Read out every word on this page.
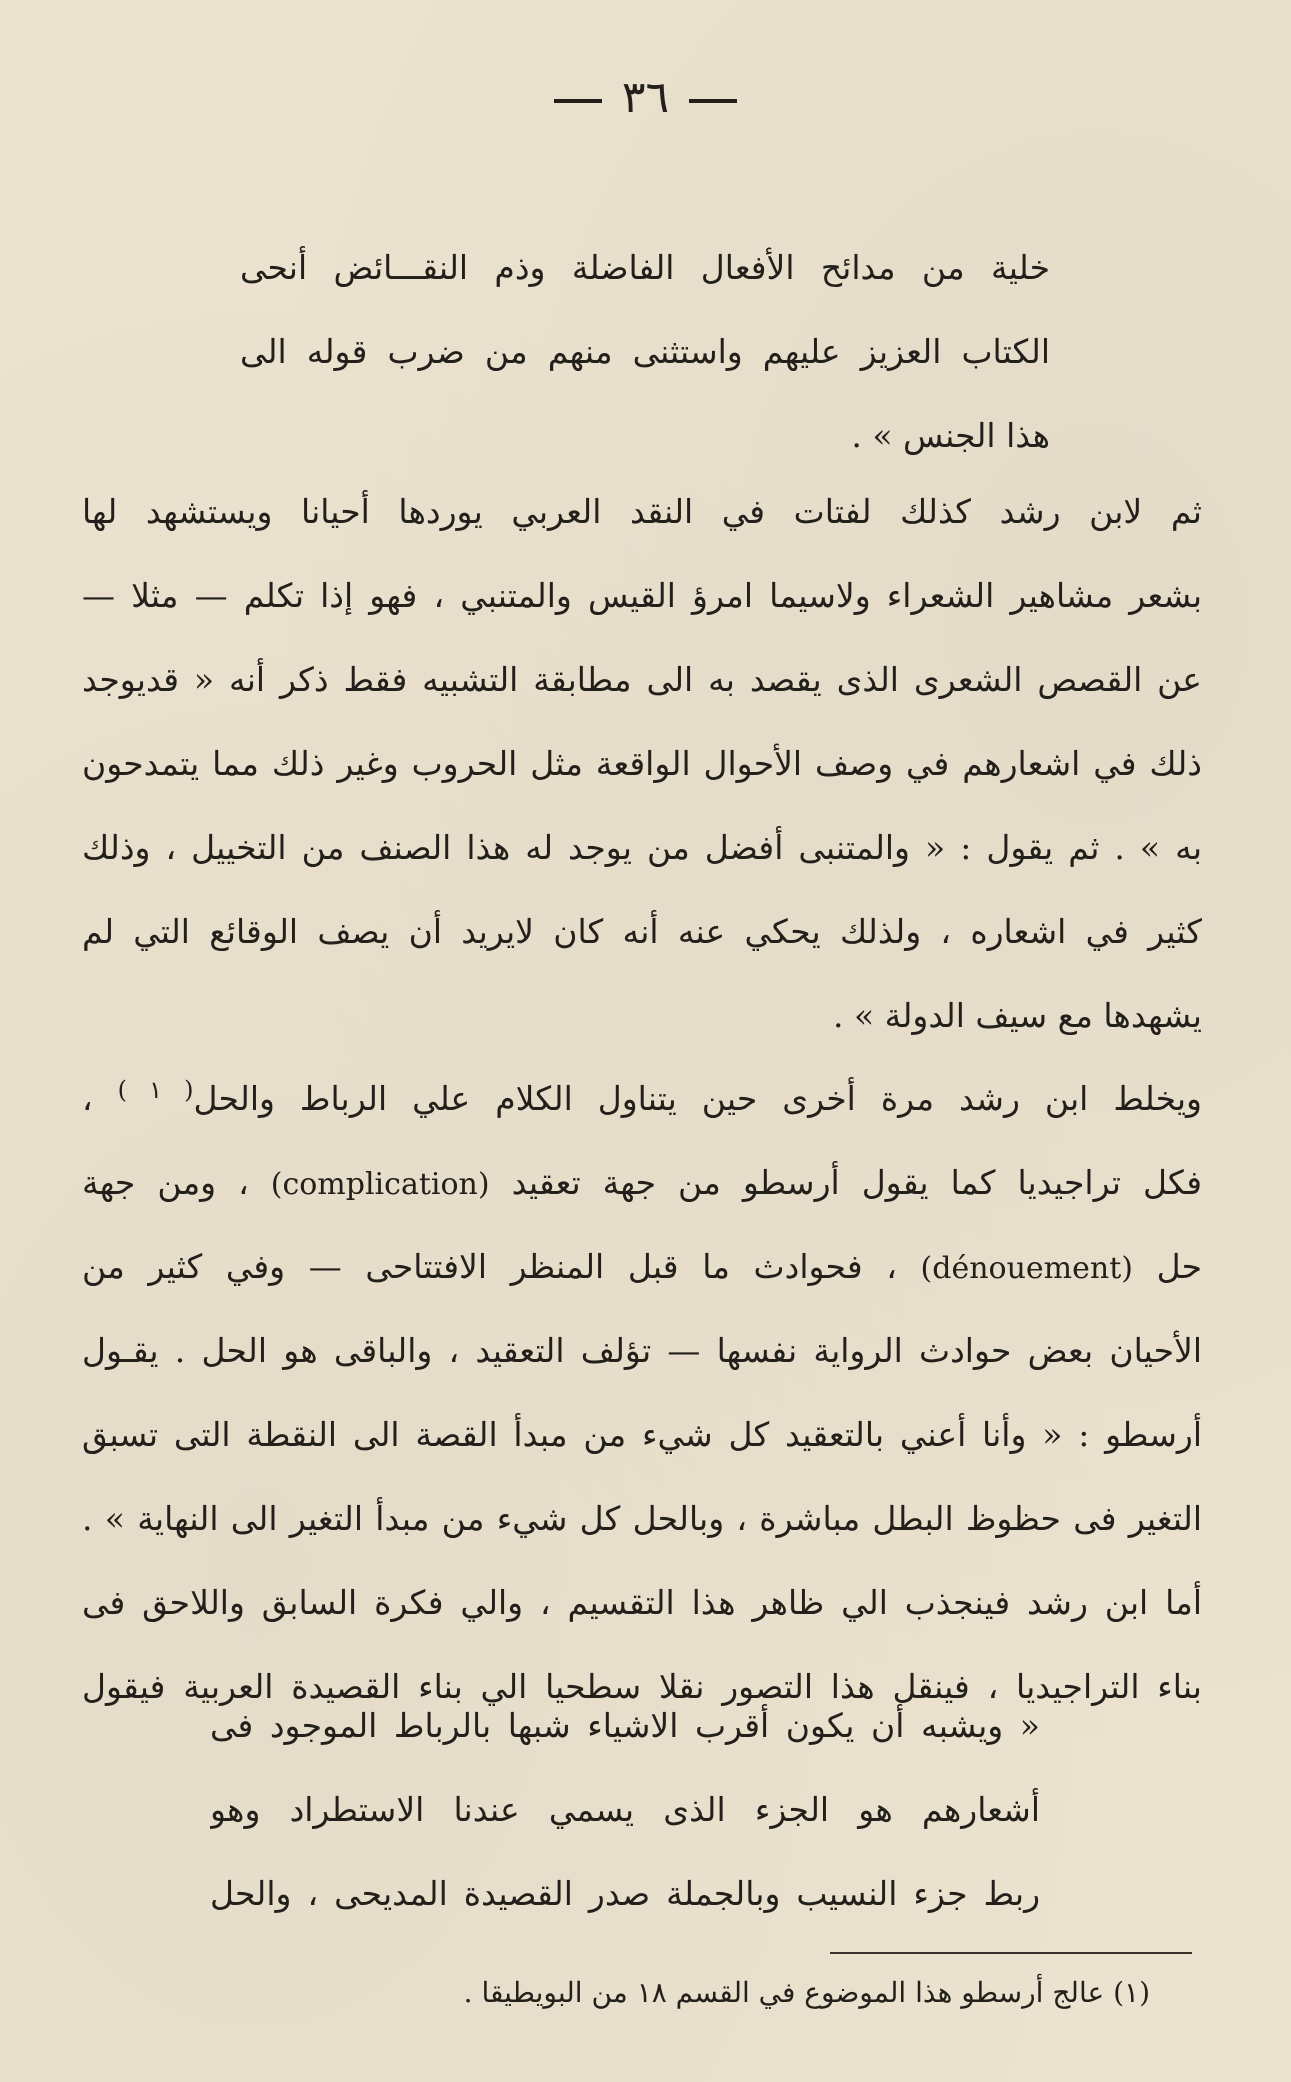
٣٦
خلية من مدائح الأفعال الفاضلة وذم النقـــائض أنحى
الكتاب العزيز عليهم واستثنى منهم من ضرب قوله الى
هذا الجنس » .
ثم لابن رشد كذلك لفتات في النقد العربي يوردها أحيانا ويستشهد لها
بشعر مشاهير الشعراء ولاسيما امرؤ القيس والمتنبي ، فهو إذا تكلم — مثلا —
عن القصص الشعرى الذى يقصد به الى مطابقة التشبيه فقط ذكر أنه « قديوجد
ذلك في اشعارهم في وصف الأحوال الواقعة مثل الحروب وغير ذلك مما يتمدحون
به » . ثم يقول : « والمتنبى أفضل من يوجد له هذا الصنف من التخييل ، وذلك
كثير في اشعاره ، ولذلك يحكي عنه أنه كان لايريد أن يصف الوقائع التي لم
يشهدها مع سيف الدولة » .
ويخلط ابن رشد مرة أخرى حين يتناول الكلام علي الرباط والحل$^{( ١ )}$ ،
فكل تراجيديا كما يقول أرسطو من جهة تعقيد (complication) ، ومن جهة
حل (dénouement) ، فحوادث ما قبل المنظر الافتتاحى — وفي كثير من
الأحيان بعض حوادث الرواية نفسها — تؤلف التعقيد ، والباقى هو الحل . يقـول
أرسطو : « وأنا أعني بالتعقيد كل شيء من مبدأ القصة الى النقطة التى تسبق
التغير فى حظوظ البطل مباشرة ، وبالحل كل شيء من مبدأ التغير الى النهاية » .
أما ابن رشد فينجذب الي ظاهر هذا التقسيم ، والي فكرة السابق واللاحق فى
بناء التراجيديا ، فينقل هذا التصور نقلا سطحيا الي بناء القصيدة العربية فيقول
« ويشبه أن يكون أقرب الاشياء شبها بالرباط الموجود فى
أشعارهم هو الجزء الذى يسمي عندنا الاستطراد وهو
ربط جزء النسيب وبالجملة صدر القصيدة المديحى ، والحل
(١) عالج أرسطو هذا الموضوع في القسم ١٨ من البويطيقا .
